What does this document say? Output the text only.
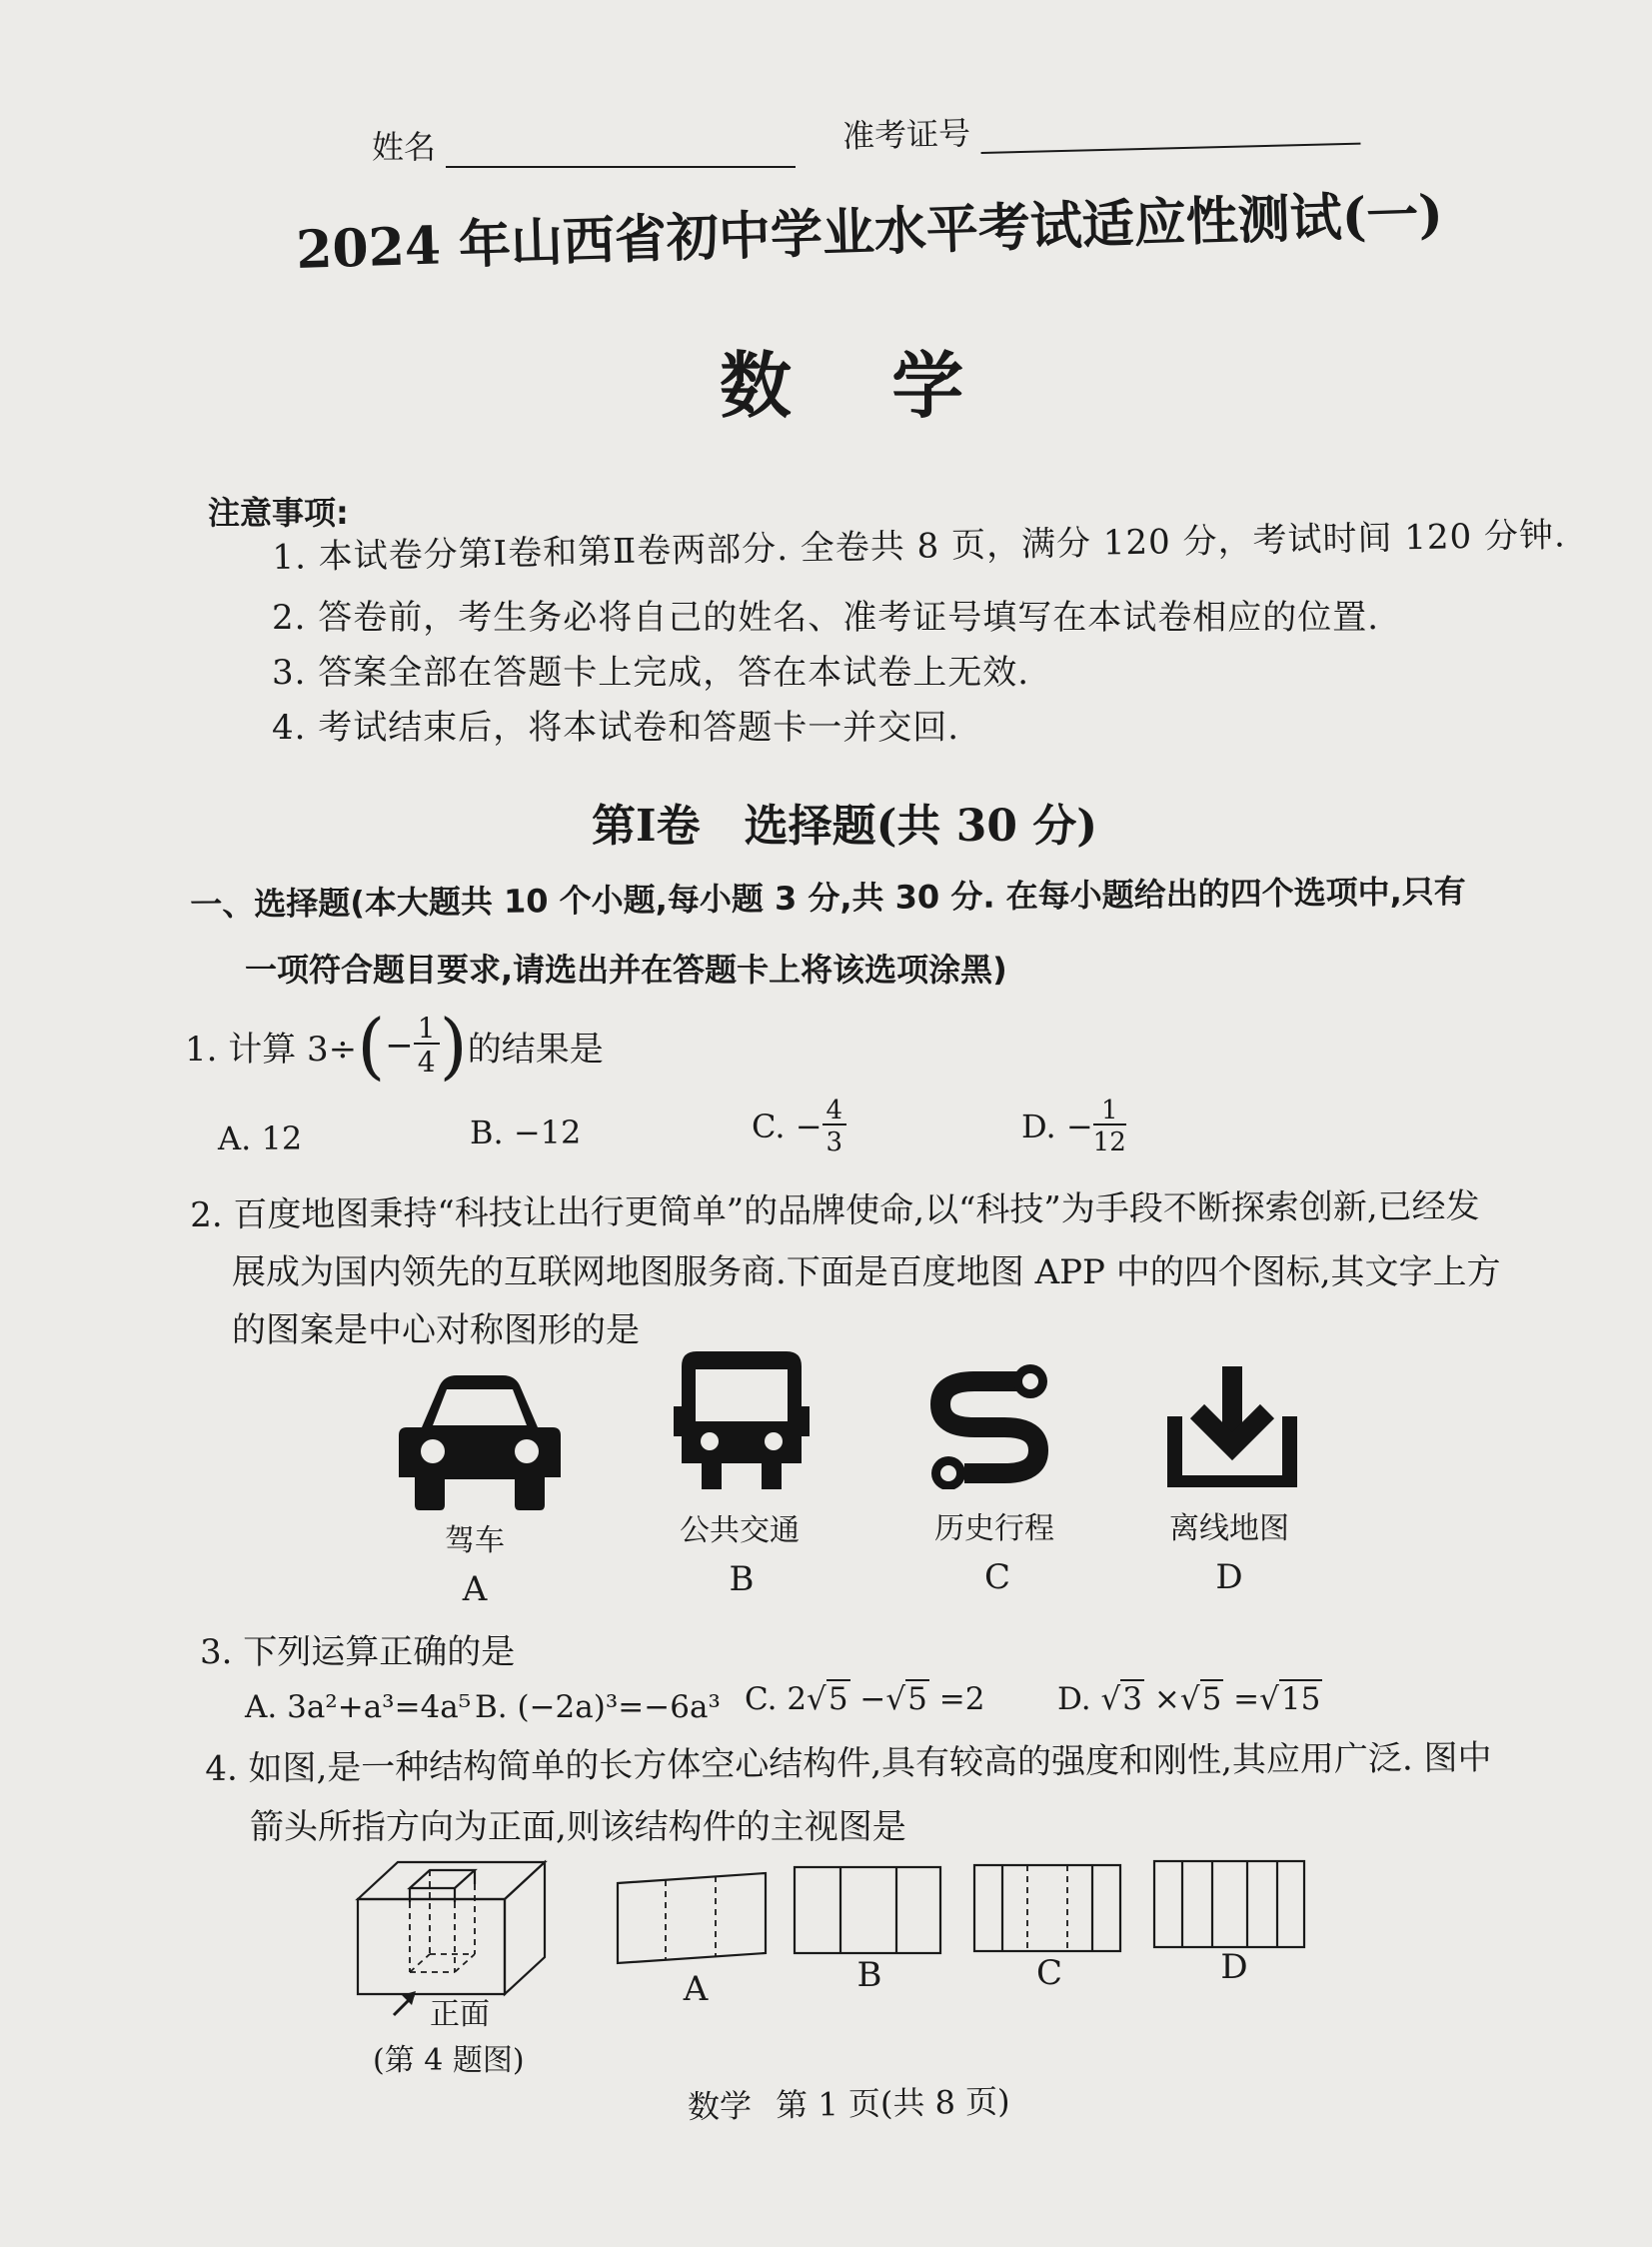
姓名	准考证号
2024 年山西省初中学业水平考试适应性测试(一)
数    学
注意事项:
1. 本试卷分第Ⅰ卷和第Ⅱ卷两部分. 全卷共 8 页，满分 120 分，考试时间 120 分钟.
2. 答卷前，考生务必将自己的姓名、准考证号填写在本试卷相应的位置.
3. 答案全部在答题卡上完成，答在本试卷上无效.
4. 考试结束后，将本试卷和答题卡一并交回.
第Ⅰ卷　选择题(共 30 分)
一、选择题(本大题共 10 个小题,每小题 3 分,共 30 分. 在每小题给出的四个选项中,只有
一项符合题目要求,请选出并在答题卡上将该选项涂黑)
1. 计算 3÷ ( − $\frac{1}{4}$ ) 的结果是
A. 12	B. −12	C. − $\frac{4}{3}$	D. − $\frac{1}{12}$
2. 百度地图秉持“科技让出行更简单”的品牌使命,以“科技”为手段不断探索创新,已经发
展成为国内领先的互联网地图服务商.下面是百度地图 APP 中的四个图标,其文字上方
的图案是中心对称图形的是
驾车	公共交通	历史行程	离线地图
A	B	C	D
3. 下列运算正确的是
A. 3a²+a³=4a⁵ B. (−2a)³=−6a³ C. 2√5 −√5 =2 D. √3 ×√5 =√15
4. 如图,是一种结构简单的长方体空心结构件,具有较高的强度和刚性,其应用广泛. 图中
箭头所指方向为正面,则该结构件的主视图是
正面
(第 4 题图)
A	B	C	D
数学 第 1 页(共 8 页)
